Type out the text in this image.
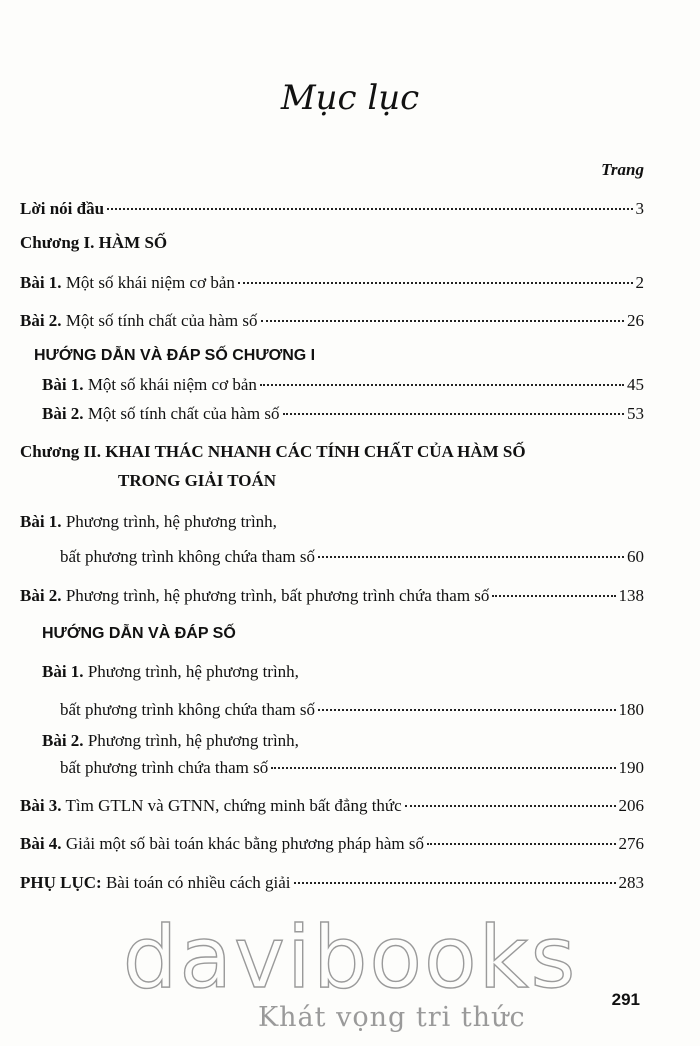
Mục lục
Trang
Lời nói đầu	3
Chương I. HÀM SỐ
Bài 1. Một số khái niệm cơ bản	2
Bài 2. Một số tính chất của hàm số	26
HƯỚNG DẪN VÀ ĐÁP SỐ CHƯƠNG I
Bài 1. Một số khái niệm cơ bản	45
Bài 2. Một số tính chất của hàm số	53
Chương II. KHAI THÁC NHANH CÁC TÍNH CHẤT CỦA HÀM SỐ
TRONG GIẢI TOÁN
Bài 1. Phương trình, hệ phương trình,
bất phương trình không chứa tham số	60
Bài 2. Phương trình, hệ phương trình, bất phương trình chứa tham số	138
HƯỚNG DẪN VÀ ĐÁP SỐ
Bài 1. Phương trình, hệ phương trình,
bất phương trình không chứa tham số	180
Bài 2. Phương trình, hệ phương trình,
bất phương trình chứa tham số	190
Bài 3. Tìm GTLN và GTNN, chứng minh bất đẳng thức	206
Bài 4. Giải một số bài toán khác bằng phương pháp hàm số	276
PHỤ LỤC: Bài toán có nhiều cách giải	283
davibooks
Khát vọng tri thức
291
